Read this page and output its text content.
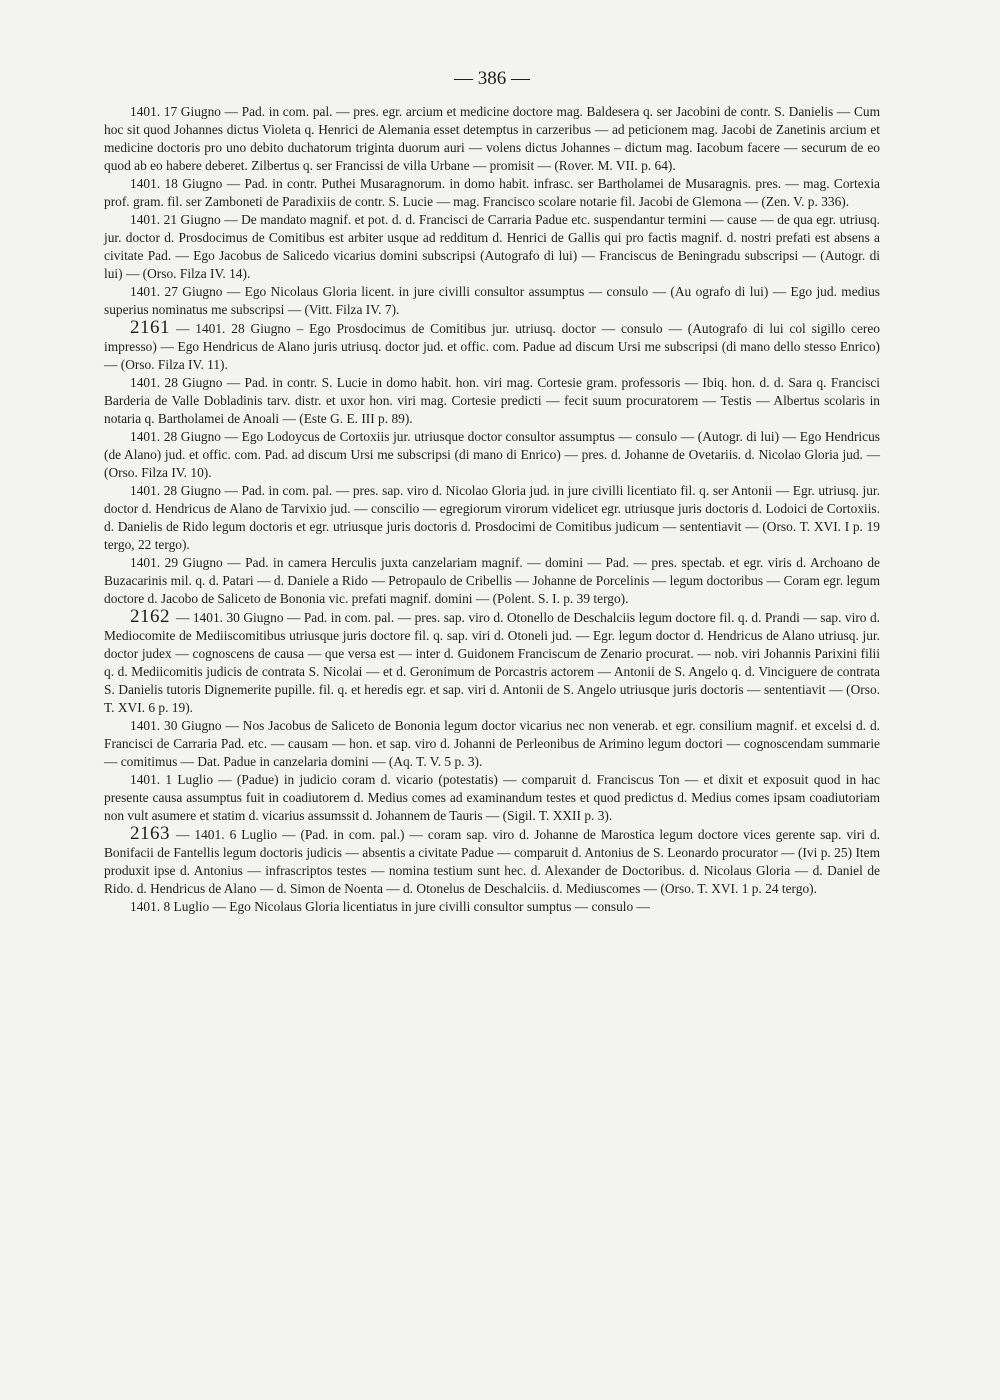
— 386 —

1401. 17 Giugno — Pad. in com. pal. — pres. egr. arcium et medicine doctore mag. Baldesera q. ser Jacobini de contr. S. Danielis — Cum hoc sit quod Johannes dictus Violeta q. Henrici de Alemania esset detemptus in carzeribus — ad peticionem mag. Jacobi de Zanetinis arcium et medicine doctoris pro uno debito duchatorum triginta duorum auri — volens dictus Johannes – dictum mag. Iacobum facere — securum de eo quod ab eo habere deberet. Zilbertus q. ser Francissi de villa Urbane — promisit — (Rover. M. VII. p. 64).

1401. 18 Giugno — Pad. in contr. Puthei Musaragnorum. in domo habit. infrasc. ser Bartholamei de Musaragnis. pres. — mag. Cortexia prof. gram. fil. ser Zamboneti de Paradixiis de contr. S. Lucie — mag. Francisco scolare notarie fil. Jacobi de Glemona — (Zen. V. p. 336).

1401. 21 Giugno — De mandato magnif. et pot. d. d. Francisci de Carraria Padue etc. suspendantur termini — cause — de qua egr. utriusq. jur. doctor d. Prosdocimus de Comitibus est arbiter usque ad redditum d. Henrici de Gallis qui pro factis magnif. d. nostri prefati est absens a civitate Pad. — Ego Jacobus de Salicedo vicarius domini subscripsi (Autografo di lui) — Franciscus de Beningradu subscripsi — (Autogr. di lui) — (Orso. Filza IV. 14).

1401. 27 Giugno — Ego Nicolaus Gloria licent. in jure civilli consultor assumptus — consulo — (Au ografo di lui) — Ego jud. medius superius nominatus me subscripsi — (Vitt. Filza IV. 7).

2161 — 1401. 28 Giugno – Ego Prosdocimus de Comitibus jur. utriusq. doctor — consulo — (Autografo di lui col sigillo cereo impresso) — Ego Hendricus de Alano juris utriusq. doctor jud. et offic. com. Padue ad discum Ursi me subscripsi (di mano dello stesso Enrico) — (Orso. Filza IV. 11).

1401. 28 Giugno — Pad. in contr. S. Lucie in domo habit. hon. viri mag. Cortesie gram. professoris — Ibiq. hon. d. d. Sara q. Francisci Barderia de Valle Dobladinis tarv. distr. et uxor hon. viri mag. Cortesie predicti — fecit suum procuratorem — Testis — Albertus scolaris in notaria q. Bartholamei de Anoali — (Este G. E. III p. 89).

1401. 28 Giugno — Ego Lodoycus de Cortoxiis jur. utriusque doctor consultor assumptus — consulo — (Autogr. di lui) — Ego Hendricus (de Alano) jud. et offic. com. Pad. ad discum Ursi me subscripsi (di mano di Enrico) — pres. d. Johanne de Ovetariis. d. Nicolao Gloria jud. — (Orso. Filza IV. 10).

1401. 28 Giugno — Pad. in com. pal. — pres. sap. viro d. Nicolao Gloria jud. in jure civilli licentiato fil. q. ser Antonii — Egr. utriusq. jur. doctor d. Hendricus de Alano de Tarvixio jud. — conscilio — egregiorum virorum videlicet egr. utriusque juris doctoris d. Lodoici de Cortoxiis. d. Danielis de Rido legum doctoris et egr. utriusque juris doctoris d. Prosdocimi de Comitibus judicum — sententiavit — (Orso. T. XVI. I p. 19 tergo, 22 tergo).

1401. 29 Giugno — Pad. in camera Herculis juxta canzelariam magnif. — domini — Pad. — pres. spectab. et egr. viris d. Archoano de Buzacarinis mil. q. d. Patari — d. Daniele a Rido — Petropaulo de Cribellis — Johanne de Porcelinis — legum doctoribus — Coram egr. legum doctore d. Jacobo de Saliceto de Bononia vic. prefati magnif. domini — (Polent. S. I. p. 39 tergo).

2162 — 1401. 30 Giugno — Pad. in com. pal. — pres. sap. viro d. Otonello de Deschalciis legum doctore fil. q. d. Prandi — sap. viro d. Mediocomite de Mediiscomitibus utriusque juris doctore fil. q. sap. viri d. Otoneli jud. — Egr. legum doctor d. Hendricus de Alano utriusq. jur. doctor judex — cognoscens de causa — que versa est — inter d. Guidonem Franciscum de Zenario procurat. — nob. viri Johannis Parixini filii q. d. Mediicomitis judicis de contrata S. Nicolai — et d. Geronimum de Porcastris actorem — Antonii de S. Angelo q. d. Vinciguere de contrata S. Danielis tutoris Dignemerite pupille. fil. q. et heredis egr. et sap. viri d. Antonii de S. Angelo utriusque juris doctoris — sententiavit — (Orso. T. XVI. 6 p. 19).

1401. 30 Giugno — Nos Jacobus de Saliceto de Bononia legum doctor vicarius nec non venerab. et egr. consilium magnif. et excelsi d. d. Francisci de Carraria Pad. etc. — causam — hon. et sap. viro d. Johanni de Perleonibus de Arimino legum doctori — cognoscendam summarie — comitimus — Dat. Padue in canzelaria domini — (Aq. T. V. 5 p. 3).

1401. 1 Luglio — (Padue) in judicio coram d. vicario (potestatis) — comparuit d. Franciscus Ton — et dixit et exposuit quod in hac presente causa assumptus fuit in coadiutorem d. Medius comes ad examinandum testes et quod predictus d. Medius comes ipsam coadiutoriam non vult asumere et statim d. vicarius assumssit d. Johannem de Tauris — (Sigil. T. XXII p. 3).

2163 — 1401. 6 Luglio — (Pad. in com. pal.) — coram sap. viro d. Johanne de Marostica legum doctore vices gerente sap. viri d. Bonifacii de Fantellis legum doctoris judicis — absentis a civitate Padue — comparuit d. Antonius de S. Leonardo procurator — (Ivi p. 25) Item produxit ipse d. Antonius — infrascriptos testes — nomina testium sunt hec. d. Alexander de Doctoribus. d. Nicolaus Gloria — d. Daniel de Rido. d. Hendricus de Alano — d. Simon de Noenta — d. Otonelus de Deschalciis. d. Mediuscomes — (Orso. T. XVI. 1 p. 24 tergo).

1401. 8 Luglio — Ego Nicolaus Gloria licentiatus in jure civilli consultor sumptus — consulo —
